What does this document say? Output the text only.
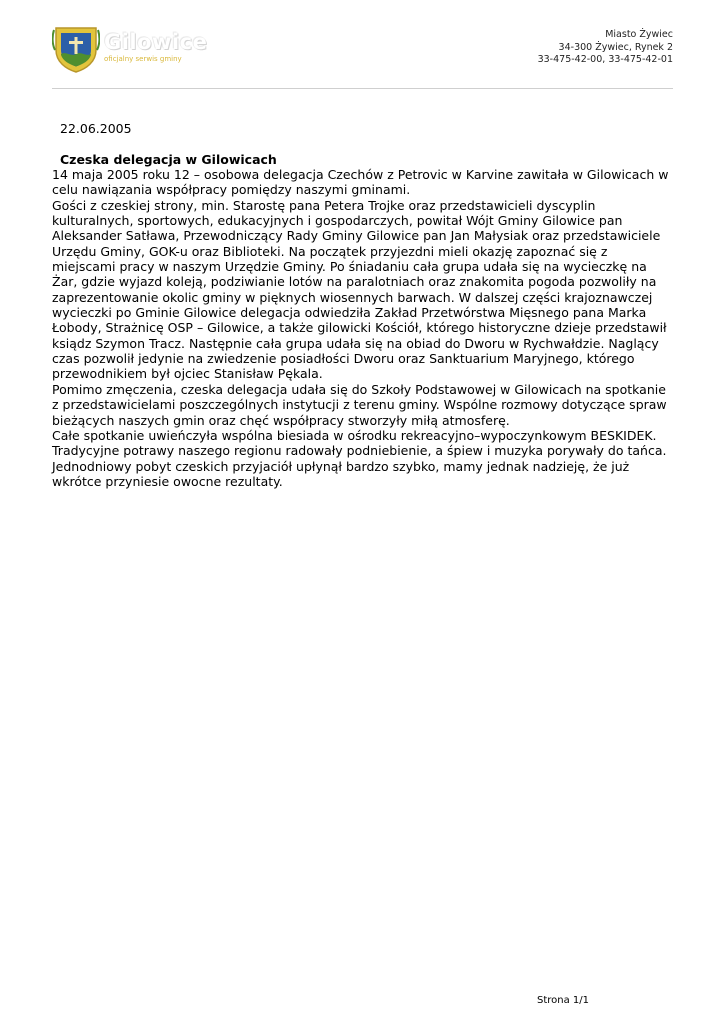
Gilowice
oficjalny serwis gminy
Miasto Żywiec
34-300 Żywiec, Rynek 2
33-475-42-00, 33-475-42-01
22.06.2005
Czeska delegacja w Gilowicach

14 maja 2005 roku 12 – osobowa delegacja Czechów z Petrovic w Karvine zawitała w Gilowicach w celu nawiązania współpracy pomiędzy naszymi gminami.

Gości z czeskiej strony, min. Starostę pana Petera Trojke oraz przedstawicieli dyscyplin kulturalnych, sportowych, edukacyjnych i gospodarczych, powitał Wójt Gminy Gilowice pan Aleksander Satława, Przewodniczący Rady Gminy Gilowice pan Jan Małysiak oraz przedstawiciele Urzędu Gminy, GOK-u oraz Biblioteki. Na początek przyjezdni mieli okazję zapoznać się z miejscami pracy w naszym Urzędzie Gminy. Po śniadaniu cała grupa udała się na wycieczkę na Żar, gdzie wyjazd koleją, podziwianie lotów na paralotniach oraz znakomita pogoda pozwoliły na zaprezentowanie okolic gminy w pięknych wiosennych barwach. W dalszej części krajoznawczej wycieczki po Gminie Gilowice delegacja odwiedziła Zakład Przetwórstwa Mięsnego pana Marka Łobody, Strażnicę OSP – Gilowice, a także gilowicki Kościół, którego historyczne dzieje przedstawił ksiądz Szymon Tracz. Następnie cała grupa udała się na obiad do Dworu w Rychwałdzie. Naglący czas pozwolił jedynie na zwiedzenie posiadłości Dworu oraz Sanktuarium Maryjnego, którego przewodnikiem był ojciec Stanisław Pękala.

Pomimo zmęczenia, czeska delegacja udała się do Szkoły Podstawowej w Gilowicach na spotkanie z przedstawicielami poszczególnych instytucji z terenu gminy. Wspólne rozmowy dotyczące spraw bieżących naszych gmin oraz chęć współpracy stworzyły miłą atmosferę.

Całe spotkanie uwieńczyła wspólna biesiada w ośrodku rekreacyjno–wypoczynkowym BESKIDEK. Tradycyjne potrawy naszego regionu radowały podniebienie, a śpiew i muzyka porywały do tańca. Jednodniowy pobyt czeskich przyjaciół upłynął bardzo szybko, mamy jednak nadzieję, że już wkrótce przyniesie owocne rezultaty.

Strona 1/1
